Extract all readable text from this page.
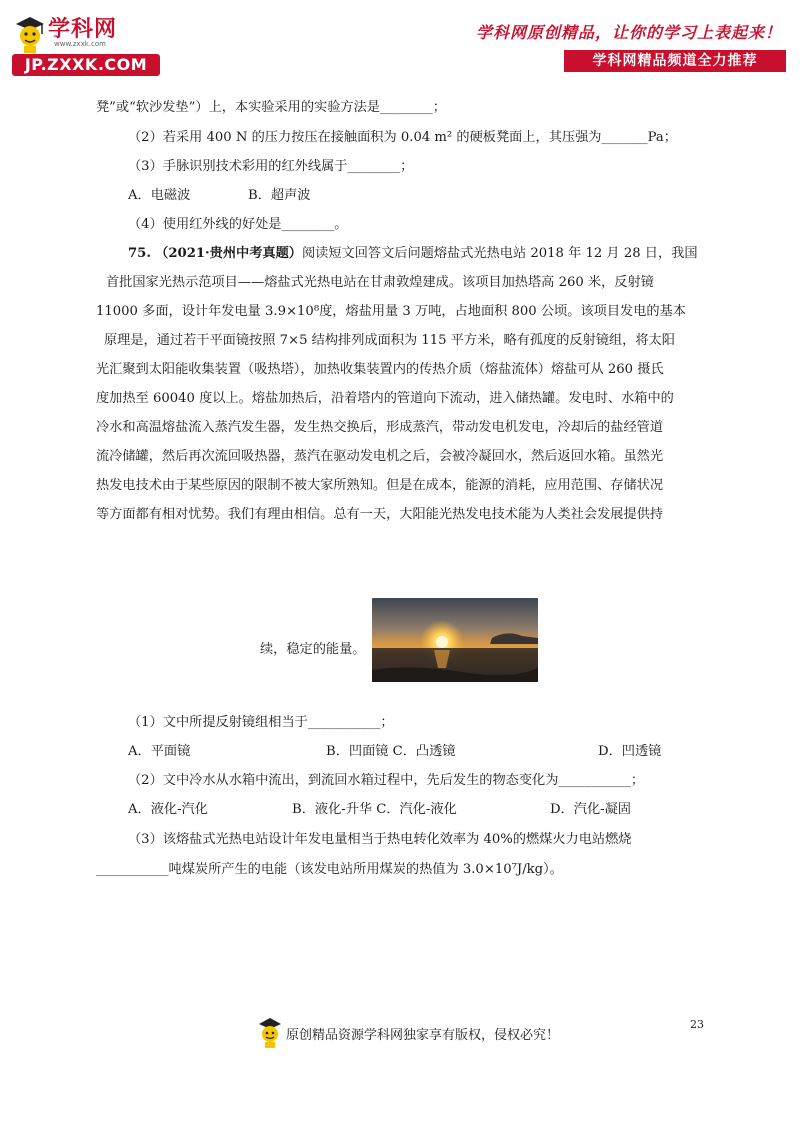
学科网
www.zxxk.com
JP.ZXXK.COM
学科网原创精品，让你的学习上表起来！
学科网精品频道全力推荐
凳”或“软沙发垫”）上，本实验采用的实验方法是________；
（2）若采用 400 N 的压力按压在接触面积为 0.04 m² 的硬板凳面上，其压强为_______Pa；
（3）手脉识别技术彩用的红外线属于________；
A．电磁波	B．超声波
（4）使用红外线的好处是________。
75. （2021·贵州中考真题）阅读短文回答文后问题熔盐式光热电站 2018 年 12 月 28 日，我国
首批国家光热示范项目——熔盐式光热电站在甘肃敦煌建成。该项目加热塔高 260 米，反射镜
11000 多面，设计年发电量 3.9×10⁸度，熔盐用量 3 万吨，占地面积 800 公顷。该项目发电的基本
原理是，通过若干平面镜按照 7×5 结构排列成面积为 115 平方米，略有孤度的反射镜组，将太阳
光汇聚到太阳能收集装置（吸热塔），加热收集装置内的传热介质（熔盐流体）熔盐可从 260 摄氏
度加热至 60040 度以上。熔盐加热后，沿着塔内的管道向下流动，进入储热罐。发电时、水箱中的
冷水和高温熔盐流入蒸汽发生器，发生热交换后，形成蒸汽，带动发电机发电，冷却后的盐经管道
流冷储罐，然后再次流回吸热器，蒸汽在驱动发电机之后，会被冷凝回水，然后返回水箱。虽然光
热发电技术由于某些原因的限制不被大家所熟知。但是在成本，能源的消耗，应用范围、存储状况
等方面都有相对忧势。我们有理由相信。总有一天，大阳能光热发电技术能为人类社会发展提供持
续，稳定的能量。
（1）文中所提反射镜组相当于___________；
A．平面镜	B．凹面镜 C．凸透镜	D．凹透镜
（2）文中冷水从水箱中流出，到流回水箱过程中，先后发生的物态变化为___________；
A．液化-汽化	B．液化-升华 C．汽化-液化	D．汽化-凝固
（3）该熔盐式光热电站设计年发电量相当于热电转化效率为 40%的燃煤火力电站燃烧
___________吨煤炭所产生的电能（该发电站所用煤炭的热值为 3.0×10⁷J/kg）。
23
原创精品资源学科网独家享有版权，侵权必究！
